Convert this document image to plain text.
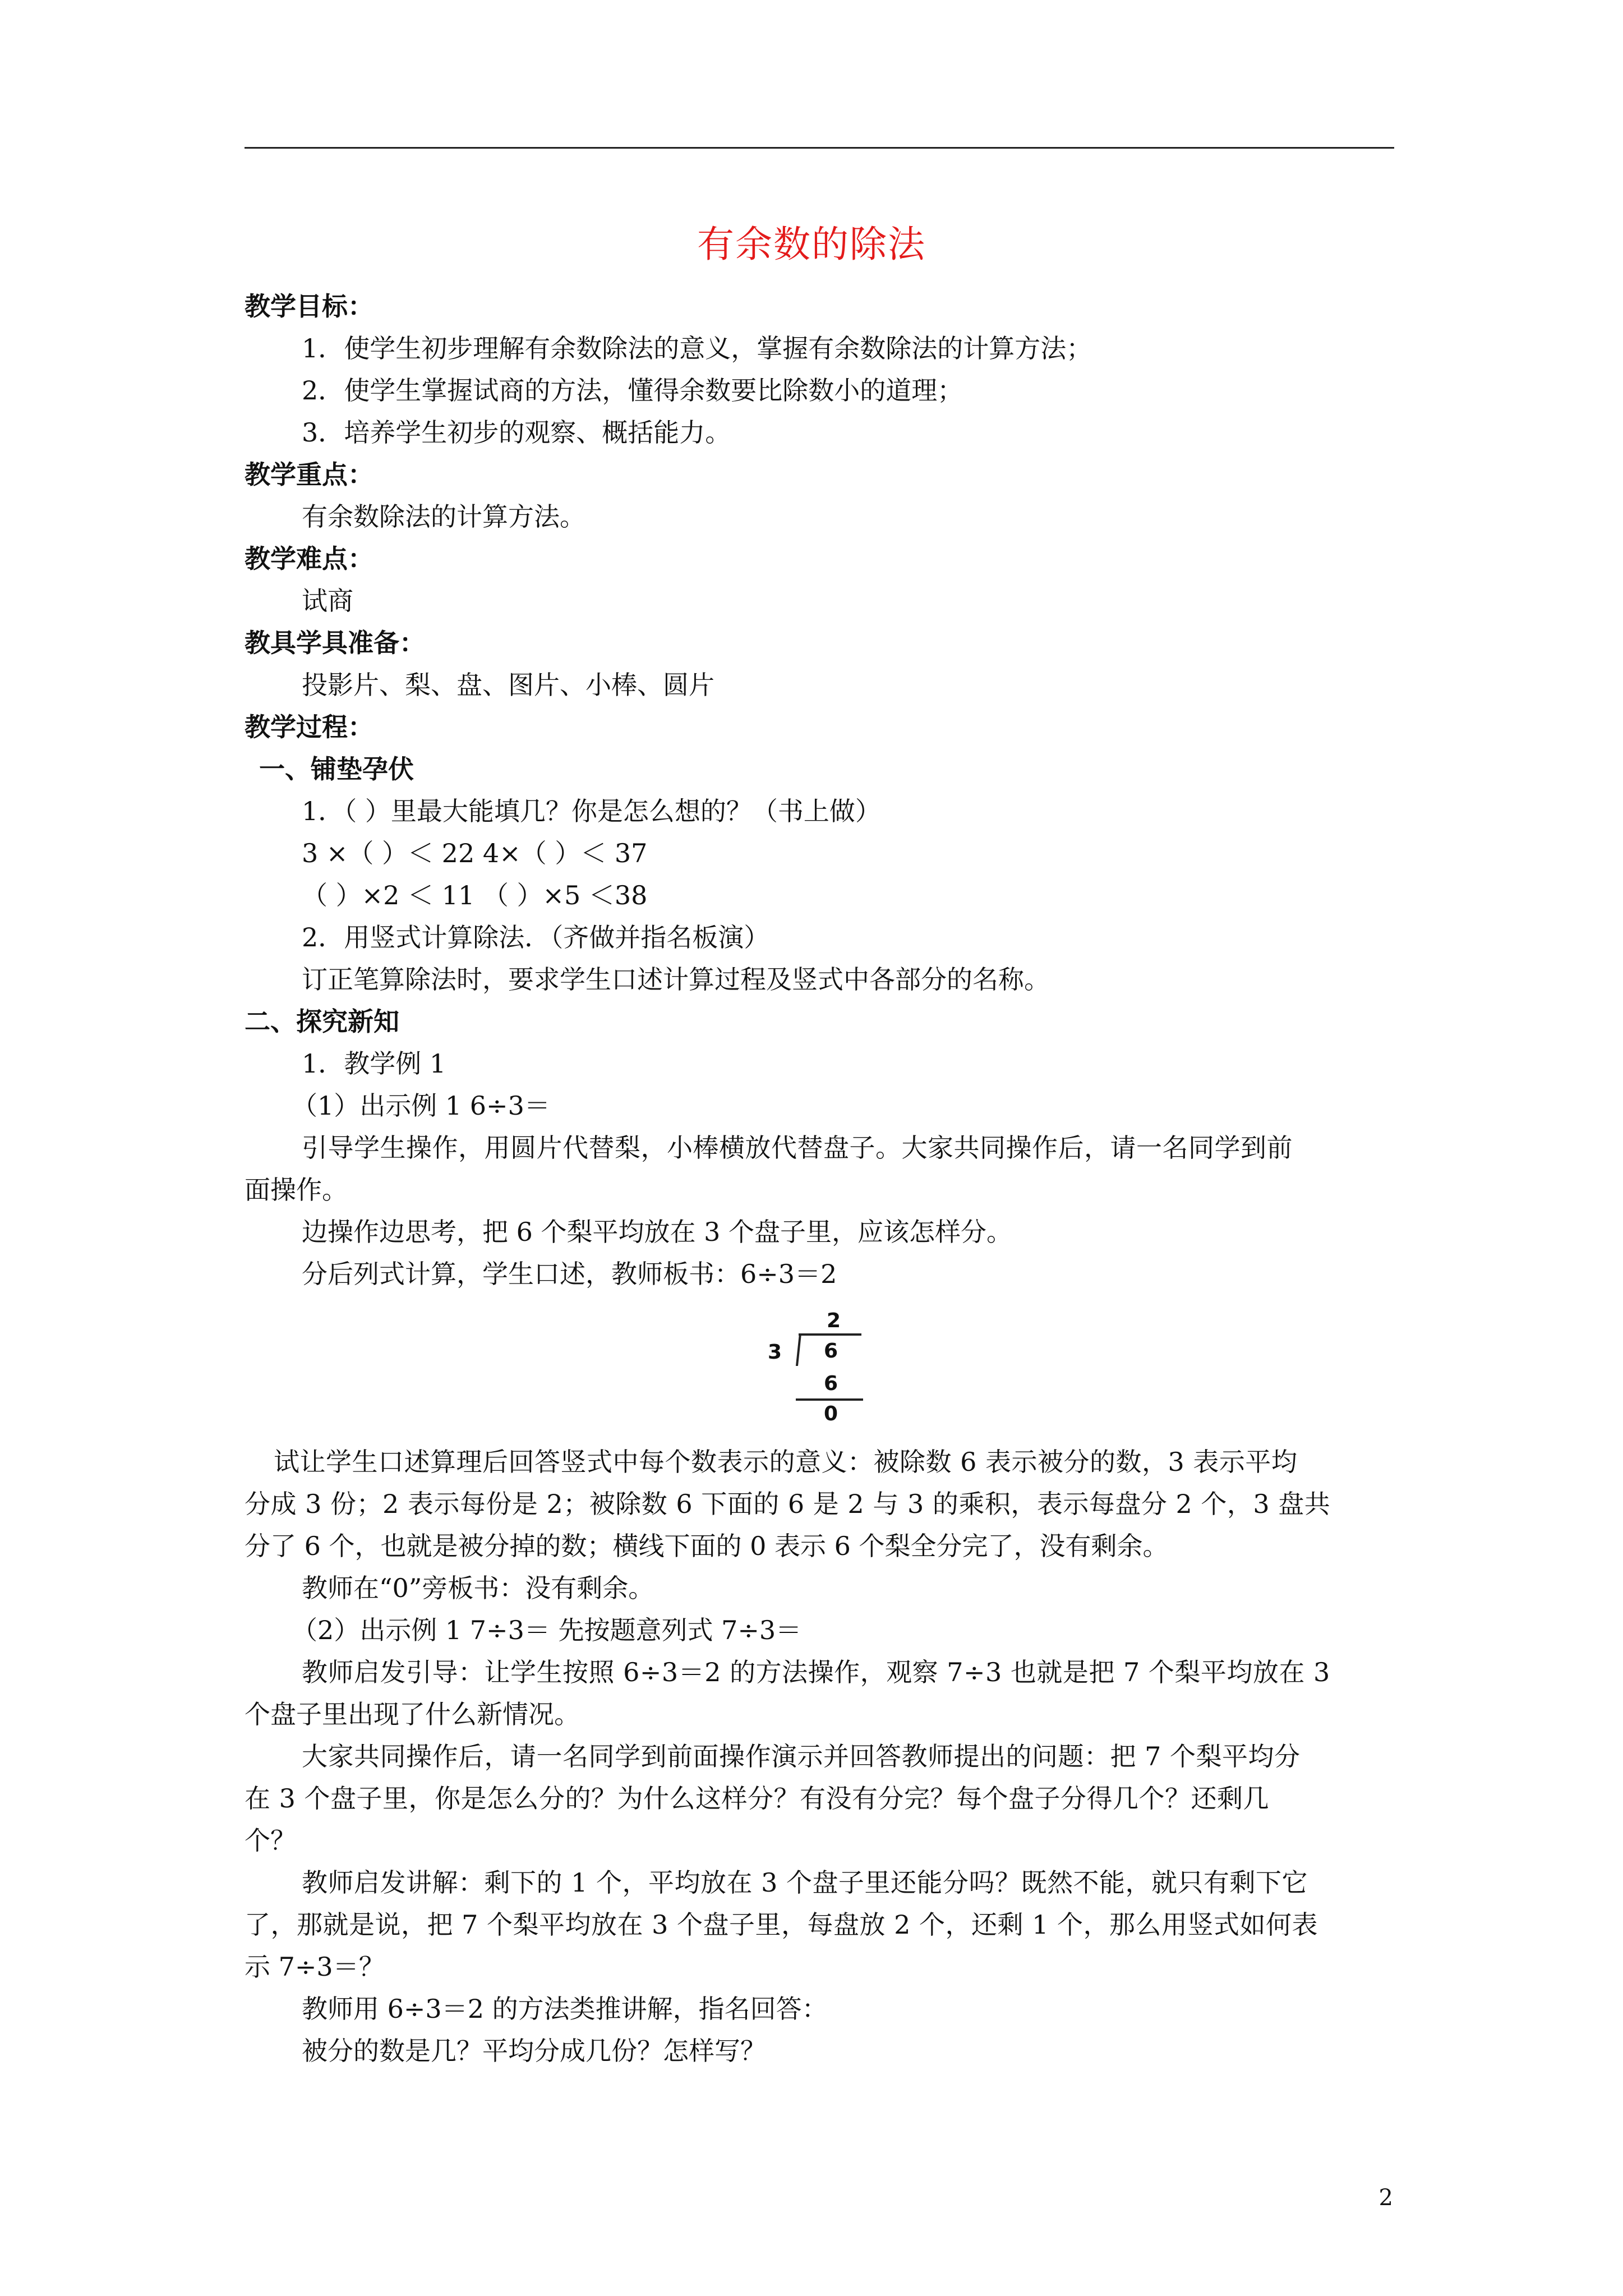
有余数的除法
教学目标：
1．使学生初步理解有余数除法的意义，掌握有余数除法的计算方法；
2．使学生掌握试商的方法，懂得余数要比除数小的道理；
3．培养学生初步的观察、概括能力。
教学重点：
有余数除法的计算方法。
教学难点：
试商
教具学具准备：
投影片、梨、盘、图片、小棒、圆片
教学过程：
一、铺垫孕伏
1．（ ）里最大能填几？你是怎么想的？（书上做）
3 ×（ ）＜ 22 4×（ ）＜ 37
（ ）×2 ＜ 11 （ ）×5 ＜38
2．用竖式计算除法．（齐做并指名板演）
订正笔算除法时，要求学生口述计算过程及竖式中各部分的名称。
二、探究新知
1．教学例 1
（1）出示例 1 6÷3＝
引导学生操作，用圆片代替梨，小棒横放代替盘子。大家共同操作后，请一名同学到前
面操作。
边操作边思考，把 6 个梨平均放在 3 个盘子里，应该怎样分。
分后列式计算，学生口述，教师板书：6÷3＝2
2
3 6
6
0
试让学生口述算理后回答竖式中每个数表示的意义：被除数 6 表示被分的数，3 表示平均
分成 3 份；2 表示每份是 2；被除数 6 下面的 6 是 2 与 3 的乘积，表示每盘分 2 个，3 盘共
分了 6 个，也就是被分掉的数；横线下面的 0 表示 6 个梨全分完了，没有剩余。
教师在“0”旁板书：没有剩余。
（2）出示例 1 7÷3＝ 先按题意列式 7÷3＝
教师启发引导：让学生按照 6÷3＝2 的方法操作，观察 7÷3 也就是把 7 个梨平均放在 3
个盘子里出现了什么新情况。
大家共同操作后，请一名同学到前面操作演示并回答教师提出的问题：把 7 个梨平均分
在 3 个盘子里，你是怎么分的？为什么这样分？有没有分完？每个盘子分得几个？还剩几
个？
教师启发讲解：剩下的 1 个，平均放在 3 个盘子里还能分吗？既然不能，就只有剩下它
了，那就是说，把 7 个梨平均放在 3 个盘子里，每盘放 2 个，还剩 1 个，那么用竖式如何表
示 7÷3＝？
教师用 6÷3＝2 的方法类推讲解，指名回答：
被分的数是几？平均分成几份？怎样写？
2
